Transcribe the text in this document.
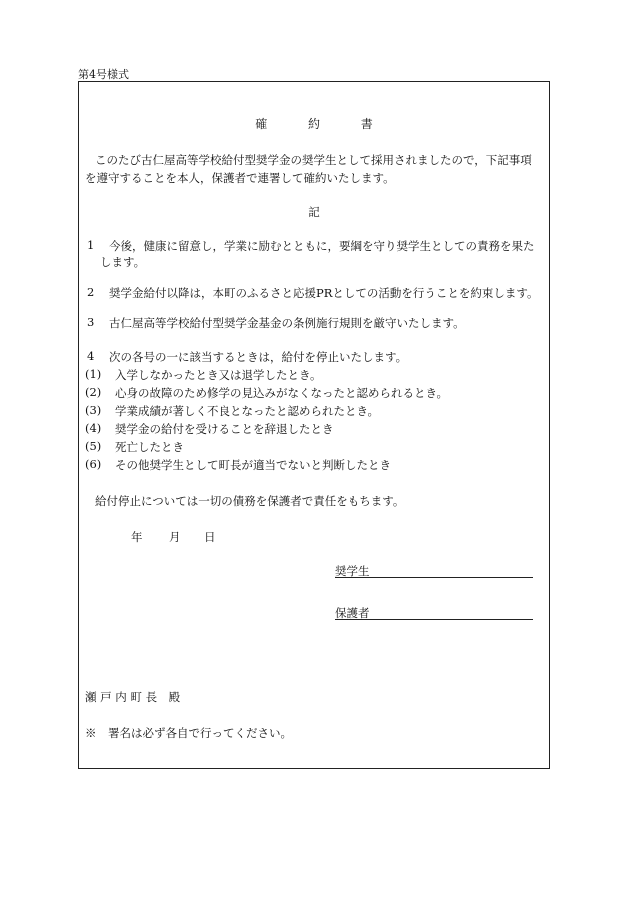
第4号様式
確　約　書
このたび古仁屋高等学校給付型奨学金の奨学生として採用されましたので，下記事項
を遵守することを本人，保護者で連署して確約いたします。
記
1 今後，健康に留意し，学業に励むとともに，要綱を守り奨学生としての責務を果た
します。
2 奨学金給付以降は，本町のふるさと応援PRとしての活動を行うことを約束します。
3 古仁屋高等学校給付型奨学金基金の条例施行規則を厳守いたします。
4 次の各号の一に該当するときは，給付を停止いたします。
(1) 入学しなかったとき又は退学したとき。
(2) 心身の故障のため修学の見込みがなくなったと認められるとき。
(3) 学業成績が著しく不良となったと認められたとき。
(4) 奨学金の給付を受けることを辞退したとき
(5) 死亡したとき
(6) その他奨学生として町長が適当でないと判断したとき
給付停止については一切の債務を保護者で責任をもちます。
年 月 日
奨学生
保護者
瀬 戸 内 町 長　殿
※　署名は必ず各自で行ってください。
